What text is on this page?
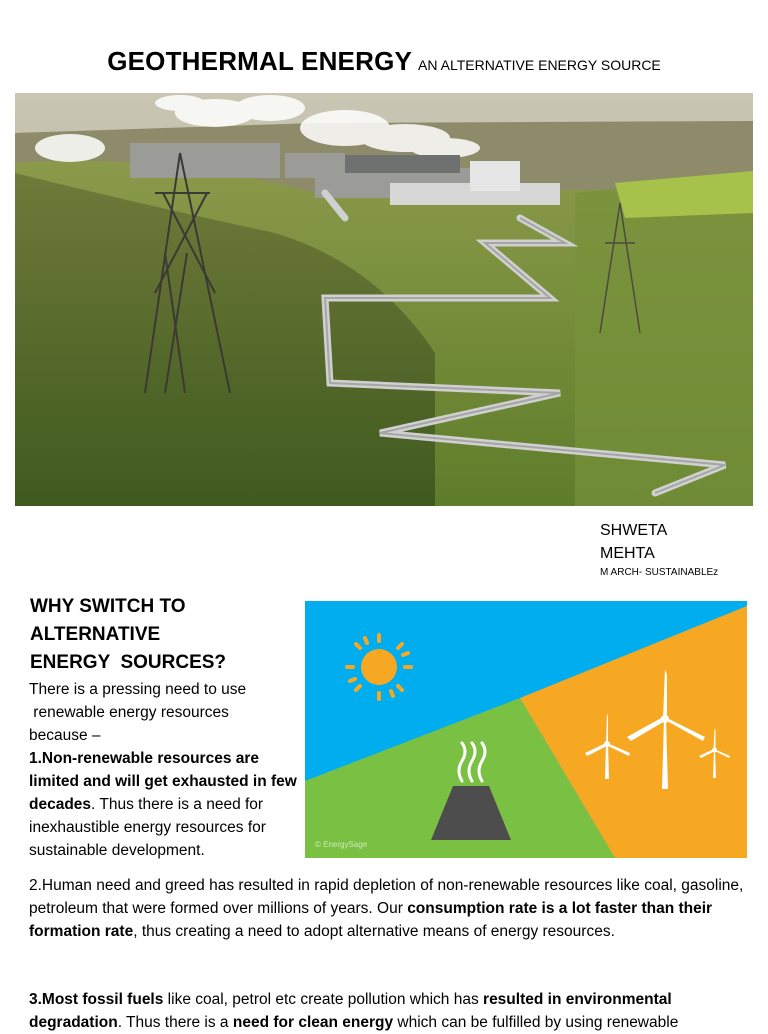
GEOTHERMAL ENERGY AN ALTERNATIVE ENERGY SOURCE
SHWETA
MEHTA
M ARCH- SUSTAINABLEz
WHY SWITCH TO
ALTERNATIVE
ENERGY  SOURCES?

There is a pressing need to use

renewable energy resources

because –

1.Non-renewable resources are limited and will get exhausted in few decades. Thus there is a need for inexhaustible energy resources for sustainable development.	© EnergySage

2.Human need and greed has resulted in rapid depletion of non-renewable resources like coal, gasoline, petroleum that were formed over millions of years. Our consumption rate is a lot faster than their formation rate, thus creating a need to adopt alternative means of energy resources.

3.Most fossil fuels like coal, petrol etc create pollution which has resulted in environmental degradation. Thus there is a need for clean energy which can be fulfilled by using renewable
